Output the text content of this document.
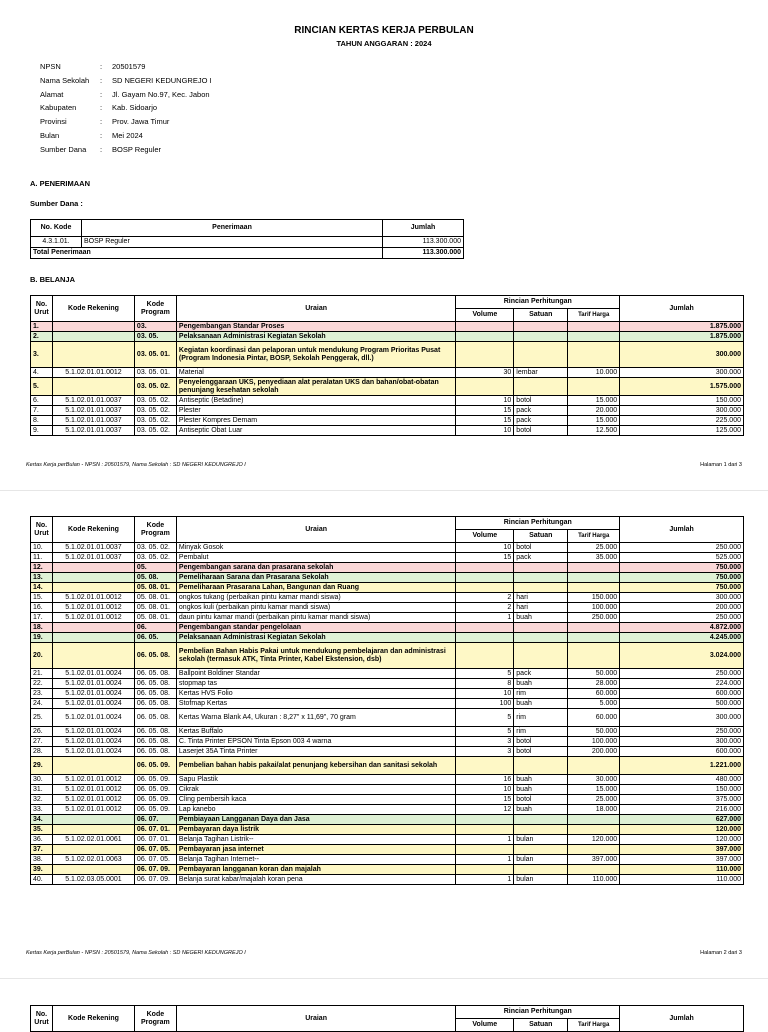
RINCIAN KERTAS KERJA PERBULAN
TAHUN ANGGARAN : 2024
NPSN	:	20501579
Nama Sekolah	:	SD NEGERI KEDUNGREJO I
Alamat	:	Jl. Gayam No.97, Kec. Jabon
Kabupaten	:	Kab. Sidoarjo
Provinsi	:	Prov. Jawa Timur
Bulan	:	Mei 2024
Sumber Dana	:	BOSP Reguler
A. PENERIMAAN
Sumber Dana :
No. Kode	Penerimaan	Jumlah
4.3.1.01.	BOSP Reguler	113.300.000
Total Penerimaan		113.300.000
B. BELANJA
No. Urut	Kode Rekening	Kode Program	Uraian	Rincian Perhitungan			Jumlah
				Volume	Satuan	Tarif Harga	
1.		03.	Pengembangan Standar Proses				1.875.000
2.		03. 05.	Pelaksanaan Administrasi Kegiatan Sekolah				1.875.000
3.		03. 05. 01.	Kegiatan koordinasi dan pelaporan untuk mendukung Program Prioritas Pusat (Program Indonesia Pintar, BOSP, Sekolah Penggerak, dll.)				300.000
4.	5.1.02.01.01.0012	03. 05. 01.	Material	30	lembar	10.000	300.000
5.		03. 05. 02.	Penyelenggaraan UKS, penyediaan alat peralatan UKS dan bahan/obat-obatan penunjang kesehatan sekolah				1.575.000
6.	5.1.02.01.01.0037	03. 05. 02.	Antiseptic (Betadine)	10	botol	15.000	150.000
7.	5.1.02.01.01.0037	03. 05. 02.	Plester	15	pack	20.000	300.000
8.	5.1.02.01.01.0037	03. 05. 02.	Plester Kompres Demam	15	pack	15.000	225.000
9.	5.1.02.01.01.0037	03. 05. 02.	Antiseptic Obat Luar	10	botol	12.500	125.000
Kertas Kerja perBulan - NPSN : 20501579, Nama Sekolah : SD NEGERI KEDUNGREJO I	Halaman 1 dari 3
No. Urut	Kode Rekening	Kode Program	Uraian	Rincian Perhitungan			Jumlah
				Volume	Satuan	Tarif Harga	
10.	5.1.02.01.01.0037	03. 05. 02.	Minyak Gosok	10	botol	25.000	250.000
11.	5.1.02.01.01.0037	03. 05. 02.	Pembalut	15	pack	35.000	525.000
12.		05.	Pengembangan sarana dan prasarana sekolah				750.000
13.		05. 08.	Pemeliharaan Sarana dan Prasarana Sekolah				750.000
14.		05. 08. 01.	Pemeliharaan Prasarana Lahan, Bangunan dan Ruang				750.000
15.	5.1.02.01.01.0012	05. 08. 01.	ongkos tukang (perbaikan pintu kamar mandi siswa)	2	hari	150.000	300.000
16.	5.1.02.01.01.0012	05. 08. 01.	ongkos kuli (perbaikan pintu kamar mandi siswa)	2	hari	100.000	200.000
17.	5.1.02.01.01.0012	05. 08. 01.	daun pintu kamar mandi (perbaikan pintu kamar mandi siswa)	1	buah	250.000	250.000
18.		06.	Pengembangan standar pengelolaan				4.872.000
19.		06. 05.	Pelaksanaan Administrasi Kegiatan Sekolah				4.245.000
20.		06. 05. 08.	Pembelian Bahan Habis Pakai untuk mendukung pembelajaran dan administrasi sekolah (termasuk ATK, Tinta Printer, Kabel Ekstension, dsb)				3.024.000
21.	5.1.02.01.01.0024	06. 05. 08.	Ballpoint Boldiner Standar	5	pack	50.000	250.000
22.	5.1.02.01.01.0024	06. 05. 08.	stopmap tas	8	buah	28.000	224.000
23.	5.1.02.01.01.0024	06. 05. 08.	Kertas HVS Folio	10	rim	60.000	600.000
24.	5.1.02.01.01.0024	06. 05. 08.	Stofmap Kertas	100	buah	5.000	500.000
25.	5.1.02.01.01.0024	06. 05. 08.	Kertas Warna Blank A4, Ukuran : 8,27" x 11,69", 70 gram	5	rim	60.000	300.000
26.	5.1.02.01.01.0024	06. 05. 08.	Kertas Buffalo	5	rim	50.000	250.000
27.	5.1.02.01.01.0024	06. 05. 08.	C. Tinta Printer EPSON Tinta Epson 003 4 warna	3	botol	100.000	300.000
28.	5.1.02.01.01.0024	06. 05. 08.	Laserjet 35A Tinta Printer	3	botol	200.000	600.000
29.		06. 05. 09.	Pembelian bahan habis pakai/alat penunjang kebersihan dan sanitasi sekolah				1.221.000
30.	5.1.02.01.01.0012	06. 05. 09.	Sapu Plastik	16	buah	30.000	480.000
31.	5.1.02.01.01.0012	06. 05. 09.	Cikrak	10	buah	15.000	150.000
32.	5.1.02.01.01.0012	06. 05. 09.	Cling pembersih kaca	15	botol	25.000	375.000
33.	5.1.02.01.01.0012	06. 05. 09.	Lap kanebo	12	buah	18.000	216.000
34.		06. 07.	Pembiayaan Langganan Daya dan Jasa				627.000
35.		06. 07. 01.	Pembayaran daya listrik				120.000
36.	5.1.02.02.01.0061	06. 07. 01.	Belanja Tagihan Listrik--	1	bulan	120.000	120.000
37.		06. 07. 05.	Pembayaran jasa internet				397.000
38.	5.1.02.02.01.0063	06. 07. 05.	Belanja Tagihan Internet--	1	bulan	397.000	397.000
39.		06. 07. 09.	Pembayaran langganan koran dan majalah				110.000
40.	5.1.02.03.05.0001	06. 07. 09.	Belanja surat kabar/majalah koran pena	1	bulan	110.000	110.000
Kertas Kerja perBulan - NPSN : 20501579, Nama Sekolah : SD NEGERI KEDUNGREJO I	Halaman 2 dari 3
No. Urut	Kode Rekening	Kode Program	Uraian	Rincian Perhitungan			Jumlah
				Volume	Satuan	Tarif Harga	
